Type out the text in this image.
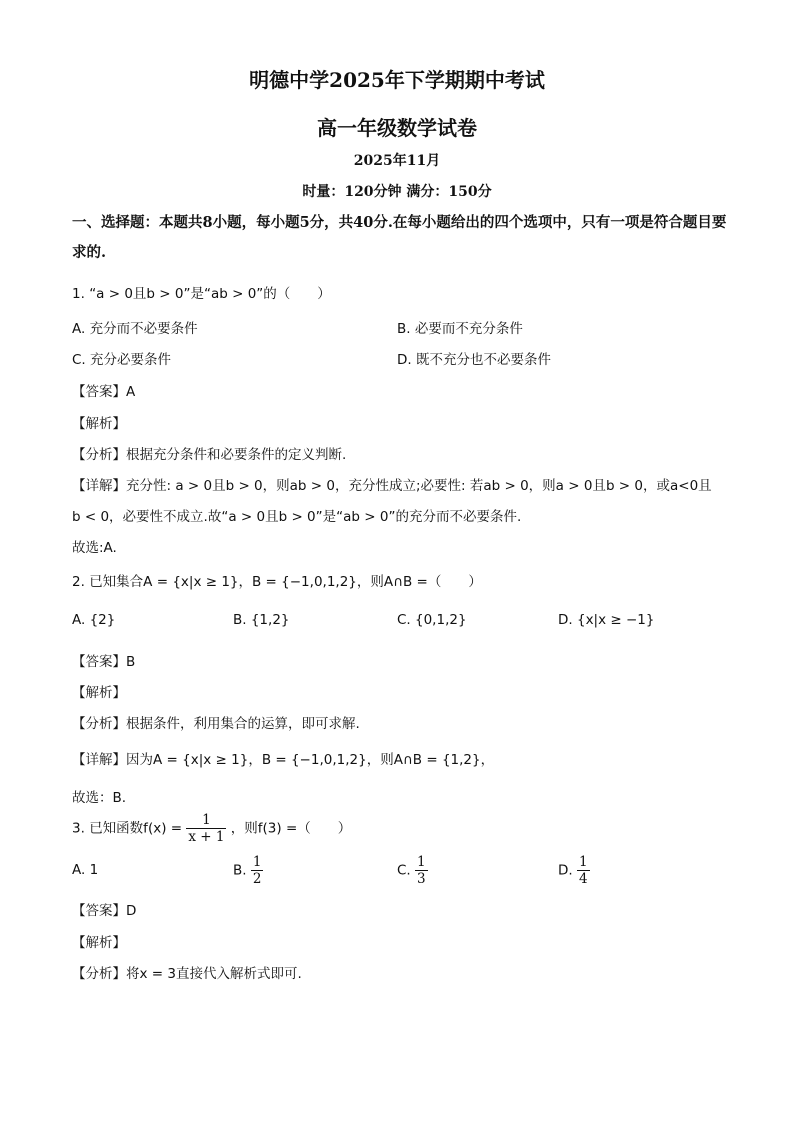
明德中学2025年下学期期中考试
高一年级数学试卷
2025年11月
时量：120分钟 满分：150分
一、选择题：本题共8小题，每小题5分，共40分.在每小题给出的四个选项中，只有一项是符合题目要求的.
1. “a > 0且b > 0”是“ab > 0”的（　　）
A. 充分而不必要条件	B. 必要而不充分条件
C. 充分必要条件	D. 既不充分也不必要条件
【答案】A
【解析】
【分析】根据充分条件和必要条件的定义判断.
【详解】充分性: a > 0且b > 0，则ab > 0，充分性成立;必要性: 若ab > 0，则a > 0且b > 0，或a<0且
b < 0，必要性不成立.故“a > 0且b > 0”是“ab > 0”的充分而不必要条件.
故选:A.
2. 已知集合A = {x|x ≥ 1}，B = {−1,0,1,2}，则A∩B =（　　）
A. {2}	B. {1,2}	C. {0,1,2}	D. {x|x ≥ −1}
【答案】B
【解析】
【分析】根据条件，利用集合的运算，即可求解.
【详解】因为A = {x|x ≥ 1}，B = {−1,0,1,2}，则A∩B = {1,2}，
故选：B.
3. 已知函数$f(x) = \frac{1}{x + 1}$ ，则f(3) =（　　）
A. 1	B. $\frac{1}{2}$	C. $\frac{1}{3}$	D. $\frac{1}{4}$
【答案】D
【解析】
【分析】将x = 3直接代入解析式即可.
